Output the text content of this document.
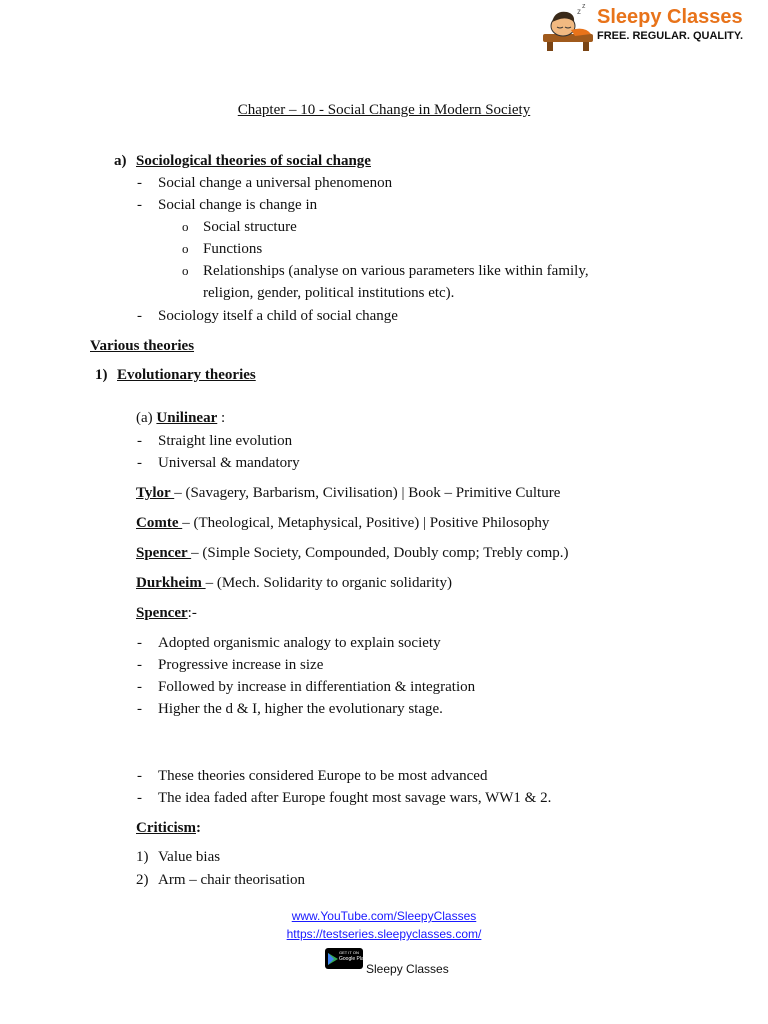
z
z Sleepy Classes
FREE. REGULAR. QUALITY.
Chapter – 10 - Social Change in Modern Society
a) Sociological theories of social change
- Social change a universal phenomenon
- Social change is change in
o Social structure
o Functions
o Relationships (analyse on various parameters like within family,
religion, gender, political institutions etc).
- Sociology itself a child of social change
Various theories
1) Evolutionary theories
(a) Unilinear :
- Straight line evolution
- Universal & mandatory
Tylor – (Savagery, Barbarism, Civilisation) | Book – Primitive Culture
Comte – (Theological, Metaphysical, Positive) | Positive Philosophy
Spencer – (Simple Society, Compounded, Doubly comp; Trebly comp.)
Durkheim – (Mech. Solidarity to organic solidarity)
Spencer:-
- Adopted organismic analogy to explain society
- Progressive increase in size
- Followed by increase in differentiation & integration
- Higher the d & I, higher the evolutionary stage.
- These theories considered Europe to be most advanced
- The idea faded after Europe fought most savage wars, WW1 & 2.
Criticism:
1) Value bias
2) Arm – chair theorisation
www.YouTube.com/SleepyClasses
https://testseries.sleepyclasses.com/
GET IT ON
Google Play
Sleepy Classes
